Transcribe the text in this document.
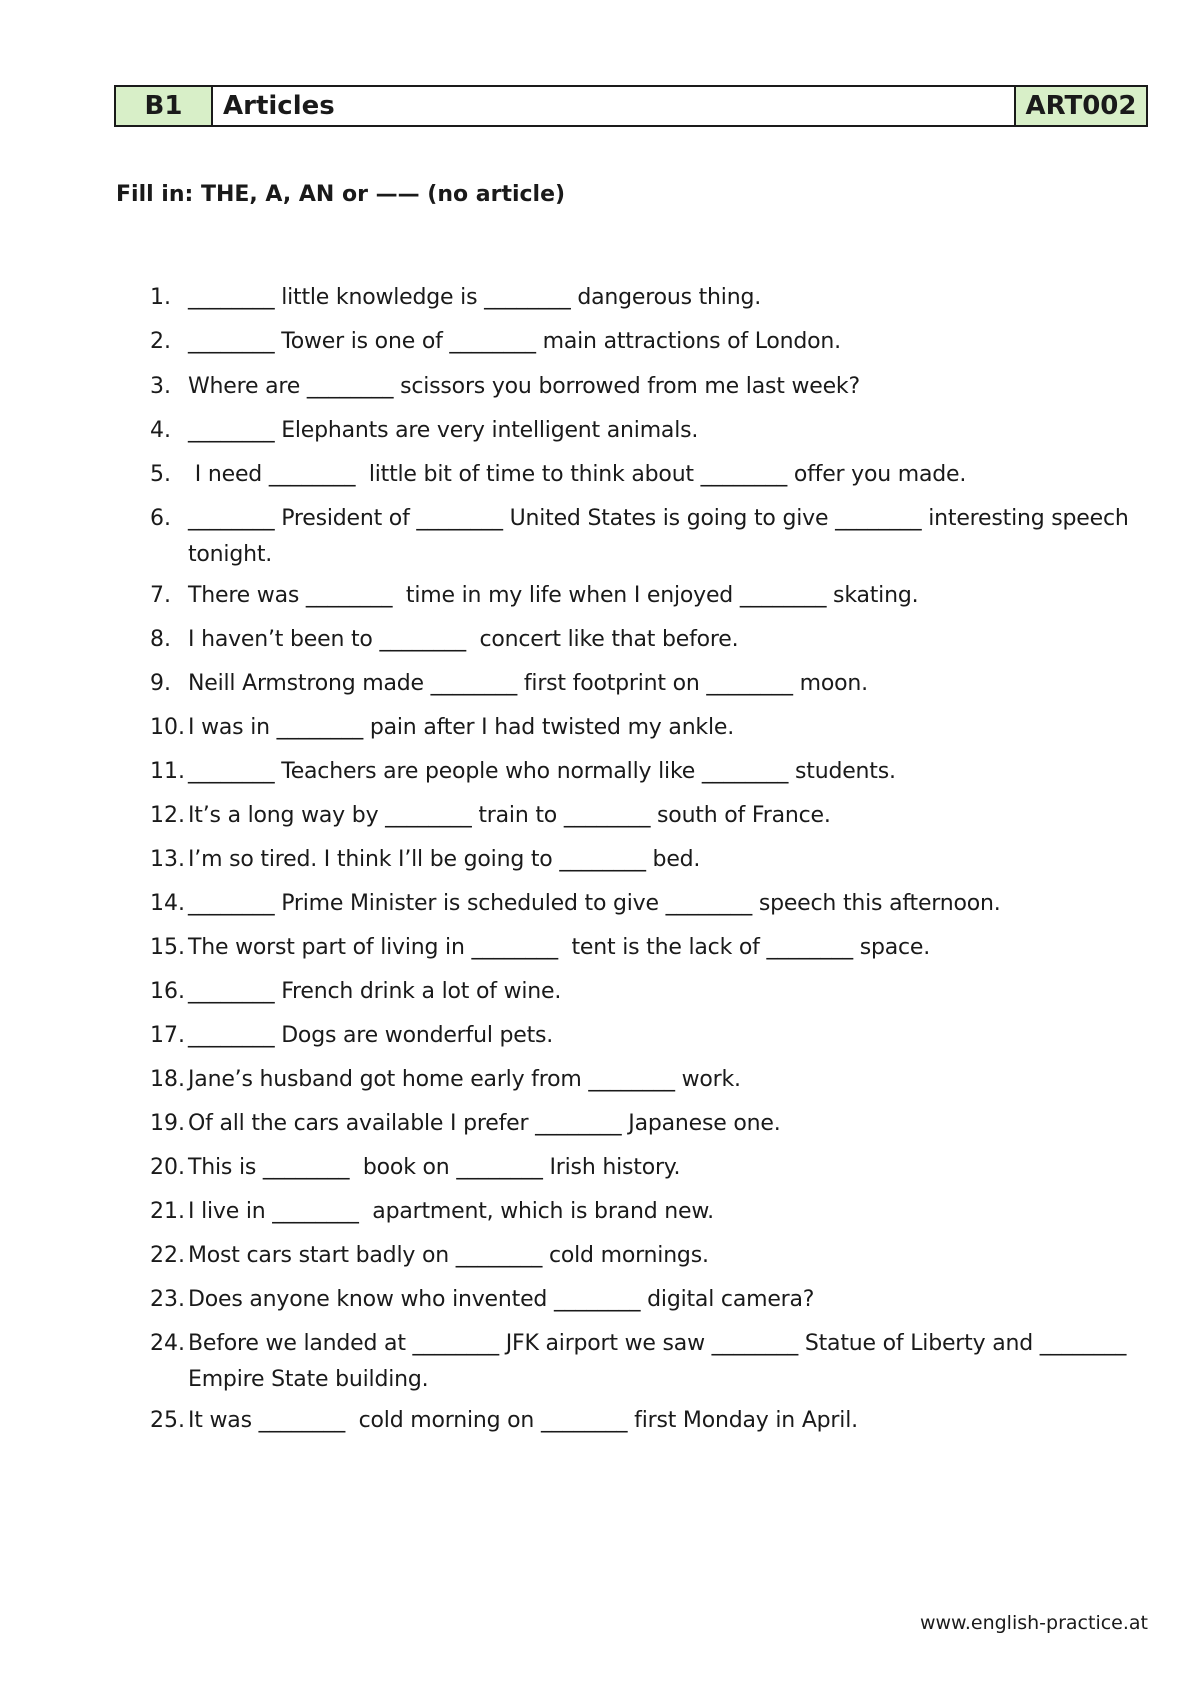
B1	Articles	ART002
Fill in: THE, A, AN or —— (no article)
1. ________ little knowledge is ________ dangerous thing.
2. ________ Tower is one of ________ main attractions of London.
3. Where are ________ scissors you borrowed from me last week?
4. ________ Elephants are very intelligent animals.
5. I need ________  little bit of time to think about ________ offer you made.
6. ________ President of ________ United States is going to give ________ interesting speech tonight.
7. There was ________  time in my life when I enjoyed ________ skating.
8. I haven’t been to ________  concert like that before.
9. Neill Armstrong made ________ first footprint on ________ moon.
10. I was in ________ pain after I had twisted my ankle.
11. ________ Teachers are people who normally like ________ students.
12. It’s a long way by ________ train to ________ south of France.
13. I’m so tired. I think I’ll be going to ________ bed.
14. ________ Prime Minister is scheduled to give ________ speech this afternoon.
15. The worst part of living in ________  tent is the lack of ________ space.
16. ________ French drink a lot of wine.
17. ________ Dogs are wonderful pets.
18. Jane’s husband got home early from ________ work.
19. Of all the cars available I prefer ________ Japanese one.
20. This is ________  book on ________ Irish history.
21. I live in ________  apartment, which is brand new.
22. Most cars start badly on ________ cold mornings.
23. Does anyone know who invented ________ digital camera?
24. Before we landed at ________ JFK airport we saw ________ Statue of Liberty and ________ Empire State building.
25. It was ________  cold morning on ________ first Monday in April.
www.english-practice.at
